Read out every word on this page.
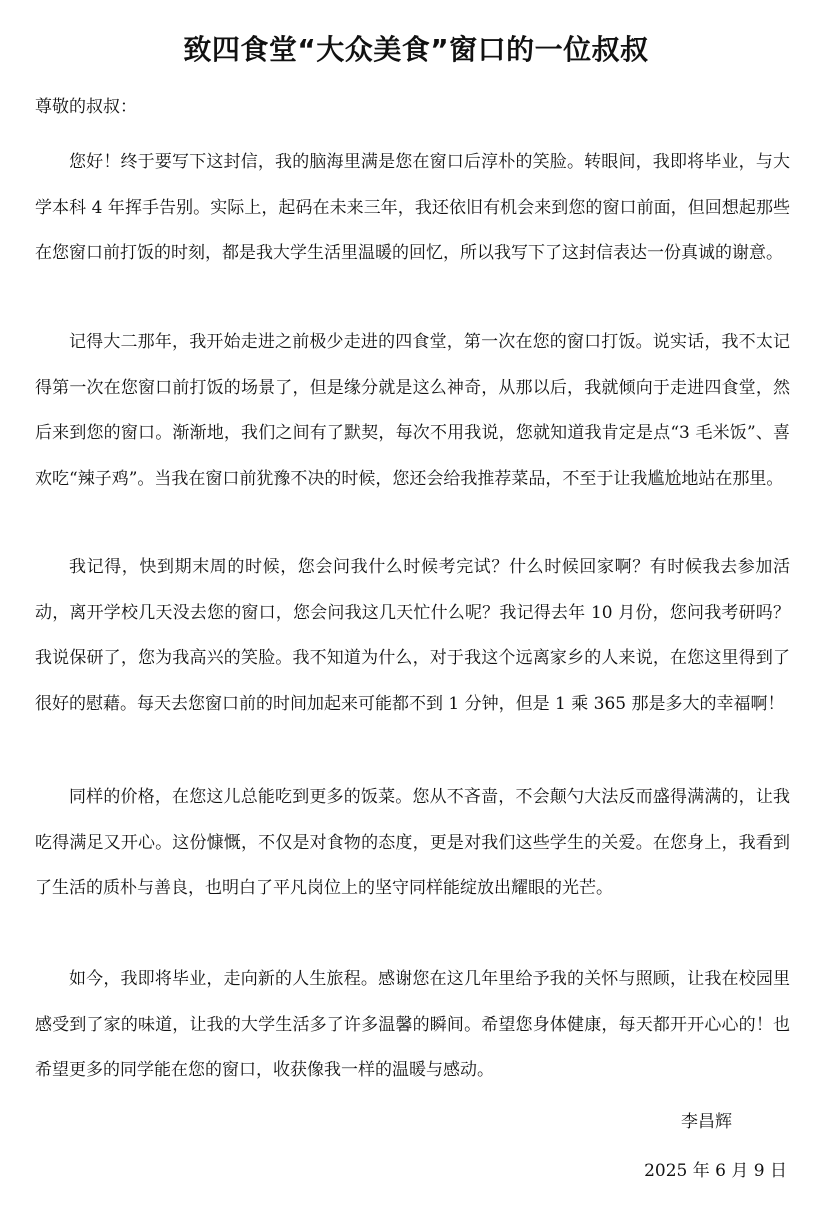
致四食堂“大众美食”窗口的一位叔叔
尊敬的叔叔：

您好！终于要写下这封信，我的脑海里满是您在窗口后淳朴的笑脸。转眼间，我即将毕业，与大学本科 4 年挥手告别。实际上，起码在未来三年，我还依旧有机会来到您的窗口前面，但回想起那些在您窗口前打饭的时刻，都是我大学生活里温暖的回忆，所以我写下了这封信表达一份真诚的谢意。

记得大二那年，我开始走进之前极少走进的四食堂，第一次在您的窗口打饭。说实话，我不太记得第一次在您窗口前打饭的场景了，但是缘分就是这么神奇，从那以后，我就倾向于走进四食堂，然后来到您的窗口。渐渐地，我们之间有了默契，每次不用我说，您就知道我肯定是点“3 毛米饭”、喜欢吃“辣子鸡”。当我在窗口前犹豫不决的时候，您还会给我推荐菜品，不至于让我尴尬地站在那里。

我记得，快到期末周的时候，您会问我什么时候考完试？什么时候回家啊？有时候我去参加活动，离开学校几天没去您的窗口，您会问我这几天忙什么呢？我记得去年 10 月份，您问我考研吗？我说保研了，您为我高兴的笑脸。我不知道为什么，对于我这个远离家乡的人来说，在您这里得到了很好的慰藉。每天去您窗口前的时间加起来可能都不到 1 分钟，但是 1 乘 365 那是多大的幸福啊！

同样的价格，在您这儿总能吃到更多的饭菜。您从不吝啬，不会颠勺大法反而盛得满满的，让我吃得满足又开心。这份慷慨，不仅是对食物的态度，更是对我们这些学生的关爱。在您身上，我看到了生活的质朴与善良，也明白了平凡岗位上的坚守同样能绽放出耀眼的光芒。

如今，我即将毕业，走向新的人生旅程。感谢您在这几年里给予我的关怀与照顾，让我在校园里感受到了家的味道，让我的大学生活多了许多温馨的瞬间。希望您身体健康，每天都开开心心的！也希望更多的同学能在您的窗口，收获像我一样的温暖与感动。

李昌辉
2025 年 6 月 9 日
